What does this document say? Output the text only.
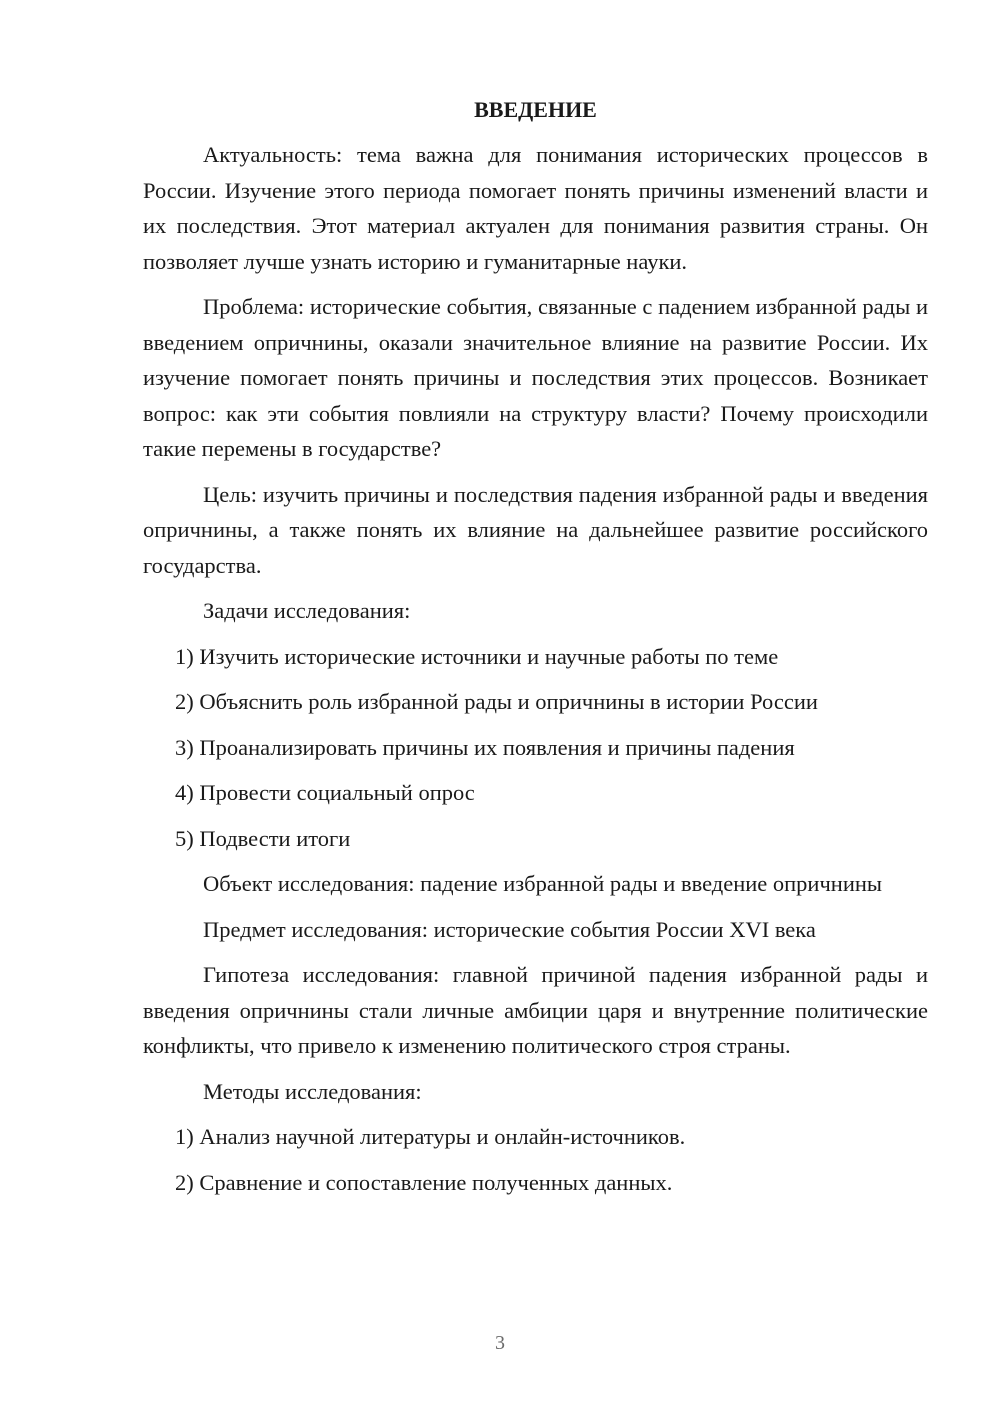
ВВЕДЕНИЕ

Актуальность: тема важна для понимания исторических процессов в России. Изучение этого периода помогает понять причины изменений власти и их последствия. Этот материал актуален для понимания развития страны. Он позволяет лучше узнать историю и гуманитарные науки.

Проблема: исторические события, связанные с падением избранной рады и введением опричнины, оказали значительное влияние на развитие России. Их изучение помогает понять причины и последствия этих процессов. Возникает вопрос: как эти события повлияли на структуру власти? Почему происходили такие перемены в государстве?

Цель: изучить причины и последствия падения избранной рады и введения опричнины, а также понять их влияние на дальнейшее развитие российского государства.

Задачи исследования:

1) Изучить исторические источники и научные работы по теме

2) Объяснить роль избранной рады и опричнины в истории России

3) Проанализировать причины их появления и причины падения

4) Провести социальный опрос

5) Подвести итоги

Объект исследования: падение избранной рады и введение опричнины

Предмет исследования: исторические события России XVI века

Гипотеза исследования: главной причиной падения избранной рады и введения опричнины стали личные амбиции царя и внутренние политические конфликты, что привело к изменению политического строя страны.

Методы исследования:

1) Анализ научной литературы и онлайн-источников.

2) Сравнение и сопоставление полученных данных.

3
